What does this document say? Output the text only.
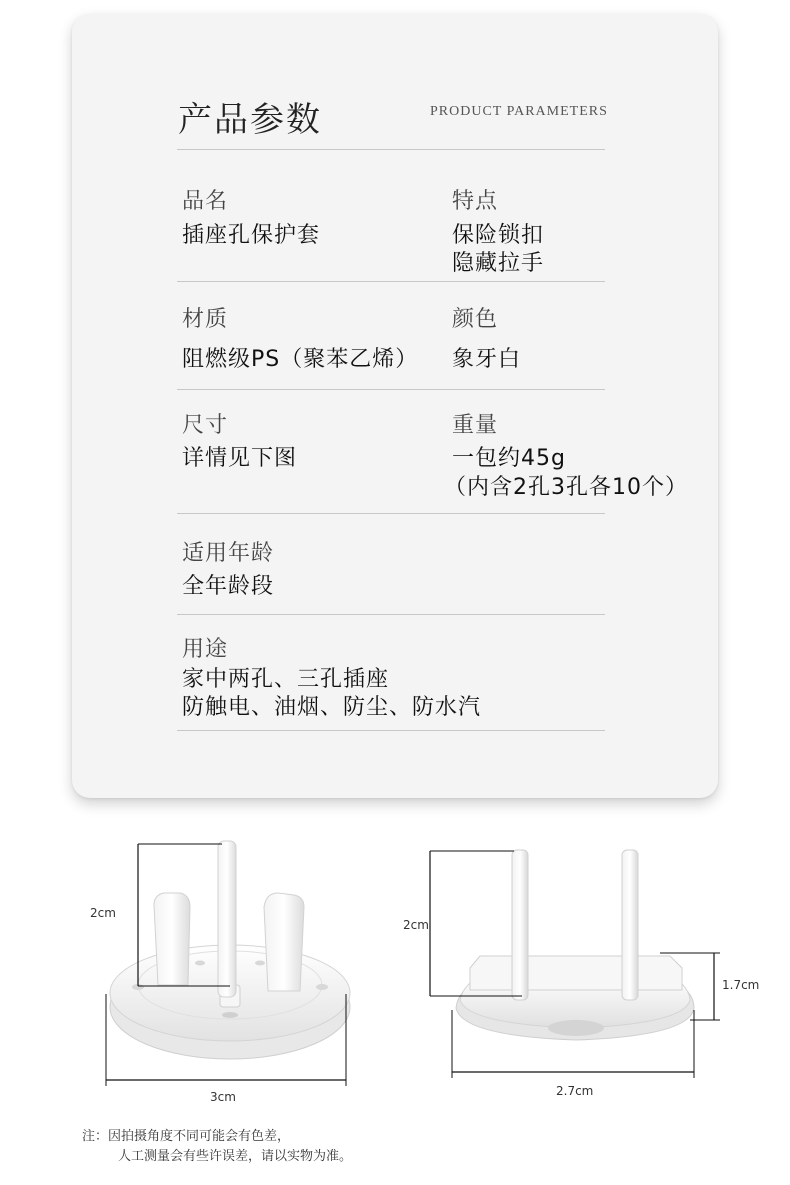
产品参数	PRODUCT PARAMETERS
品名
插座孔保护套
特点
保险锁扣
隐藏拉手
材质
阻燃级PS（聚苯乙烯）
颜色
象牙白
尺寸
详情见下图
重量
一包约45g
（内含2孔3孔各10个）
适用年龄
全年龄段
用途
家中两孔、三孔插座
防触电、油烟、防尘、防水汽
2cm
3cm
2cm
1.7cm
2.7cm
注：因拍摄角度不同可能会有色差，
人工测量会有些许误差，请以实物为准。
